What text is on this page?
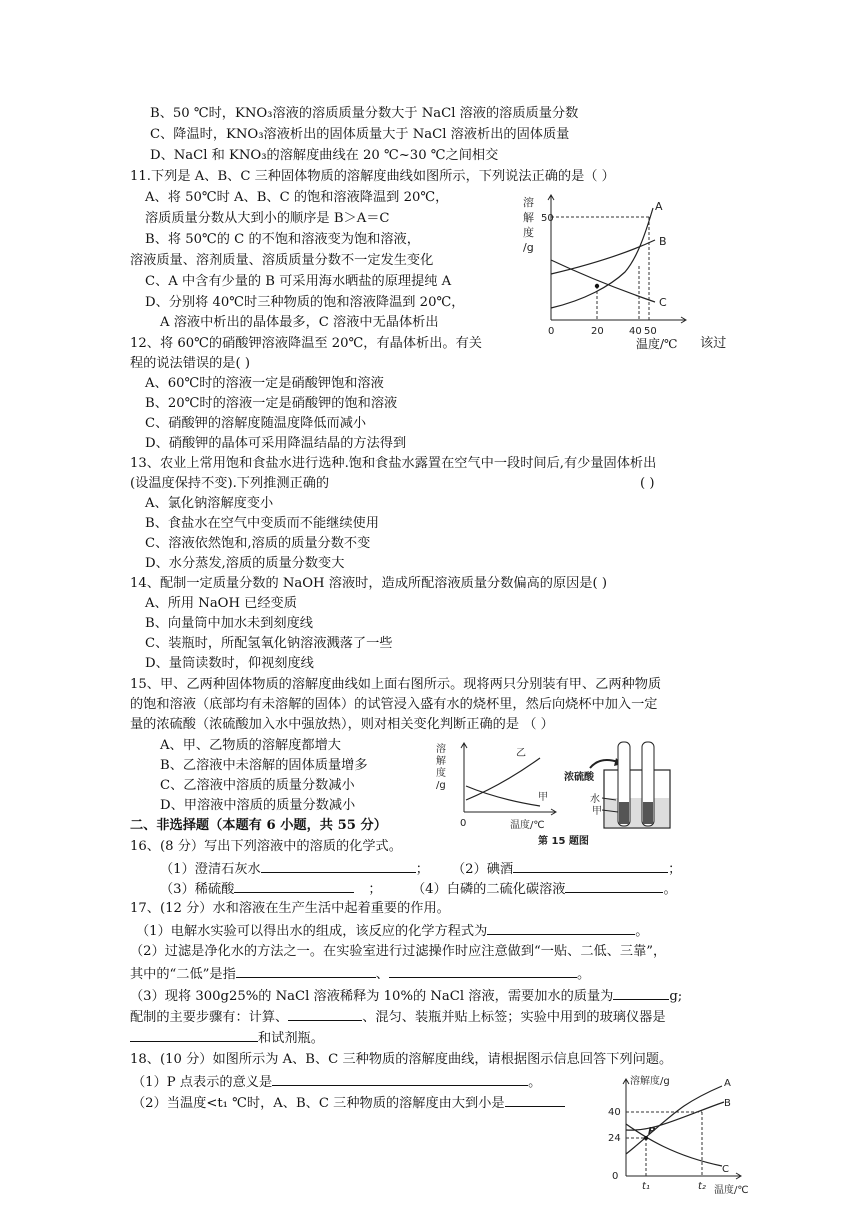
B、50 ℃时，KNO₃溶液的溶质质量分数大于 NaCl 溶液的溶质质量分数
C、降温时，KNO₃溶液析出的固体质量大于 NaCl 溶液析出的固体质量
D、NaCl 和 KNO₃的溶解度曲线在 20 ℃~30 ℃之间相交
11.下列是 A、B、C 三种固体物质的溶解度曲线如图所示，下列说法正确的是（ ）
A、将 50℃时 A、B、C 的饱和溶液降温到 20℃，
溶质质量分数从大到小的顺序是 B＞A＝C
B、将 50℃的 C 的不饱和溶液变为饱和溶液，
溶液质量、溶剂质量、溶质质量分数不一定发生变化
C、A 中含有少量的 B 可采用海水晒盐的原理提纯 A
D、分别将 40℃时三种物质的饱和溶液降温到 20℃，
A 溶液中析出的晶体最多，C 溶液中无晶体析出
溶
解
度
/g
A
B
C
50
0	20	40 50
12、将 60℃的硝酸钾溶液降温至 20℃，有晶体析出。有关	温度/℃ 该过
程的说法错误的是( )
A、60℃时的溶液一定是硝酸钾饱和溶液
B、20℃时的溶液一定是硝酸钾的饱和溶液
C、硝酸钾的溶解度随温度降低而减小
D、硝酸钾的晶体可采用降温结晶的方法得到
13、农业上常用饱和食盐水进行选种.饱和食盐水露置在空气中一段时间后,有少量固体析出
(设温度保持不变).下列推测正确的	( )
A、氯化钠溶解度变小
B、食盐水在空气中变质而不能继续使用
C、溶液依然饱和,溶质的质量分数不变
D、水分蒸发,溶质的质量分数变大
14、配制一定质量分数的 NaOH 溶液时，造成所配溶液质量分数偏高的原因是( )
A、所用 NaOH 已经变质
B、向量筒中加水未到刻度线
C、装瓶时，所配氢氧化钠溶液溅落了一些
D、量筒读数时，仰视刻度线
15、甲、乙两种固体物质的溶解度曲线如上面右图所示。现将两只分别装有甲、乙两种物质
的饱和溶液（底部均有未溶解的固体）的试管浸入盛有水的烧杯里，然后向烧杯中加入一定
量的浓硫酸（浓硫酸加入水中强放热），则对相关变化判断正确的是 （ ）
A、甲、乙物质的溶解度都增大
B、乙溶液中未溶解的固体质量增多
C、乙溶液中溶质的质量分数减小
D、甲溶液中溶质的质量分数减小
溶
解
度
/g
乙
甲
0	温度/℃
第 15 题图
浓硫酸
水
甲
二、非选择题（本题有 6 小题，共 55 分）
16、(8 分）写出下列溶液中的溶质的化学式。
（1）澄清石灰水	； （2）碘酒	；
（3）稀硫酸	； （4）白磷的二硫化碳溶液	。
17、(12 分）水和溶液在生产生活中起着重要的作用。
（1）电解水实验可以得出水的组成，该反应的化学方程式为	。
（2）过滤是净化水的方法之一。在实验室进行过滤操作时应注意做到“一贴、二低、三靠”，
其中的“二低”是指	、	。
（3）现将 300g25%的 NaCl 溶液稀释为 10%的 NaCl 溶液，需要加水的质量为	g;
配制的主要步骤有：计算、	、混匀、装瓶并贴上标签；实验中用到的玻璃仪器是
和试剂瓶。
18、(10 分）如图所示为 A、B、C 三种物质的溶解度曲线，请根据图示信息回答下列问题。
（1）P 点表示的意义是	。
（2）当温度<t₁ ℃时，A、B、C 三种物质的溶解度由大到小是
溶解度/g
40
24
0
P
A
B
C
t₁	t₂ 温度/℃
